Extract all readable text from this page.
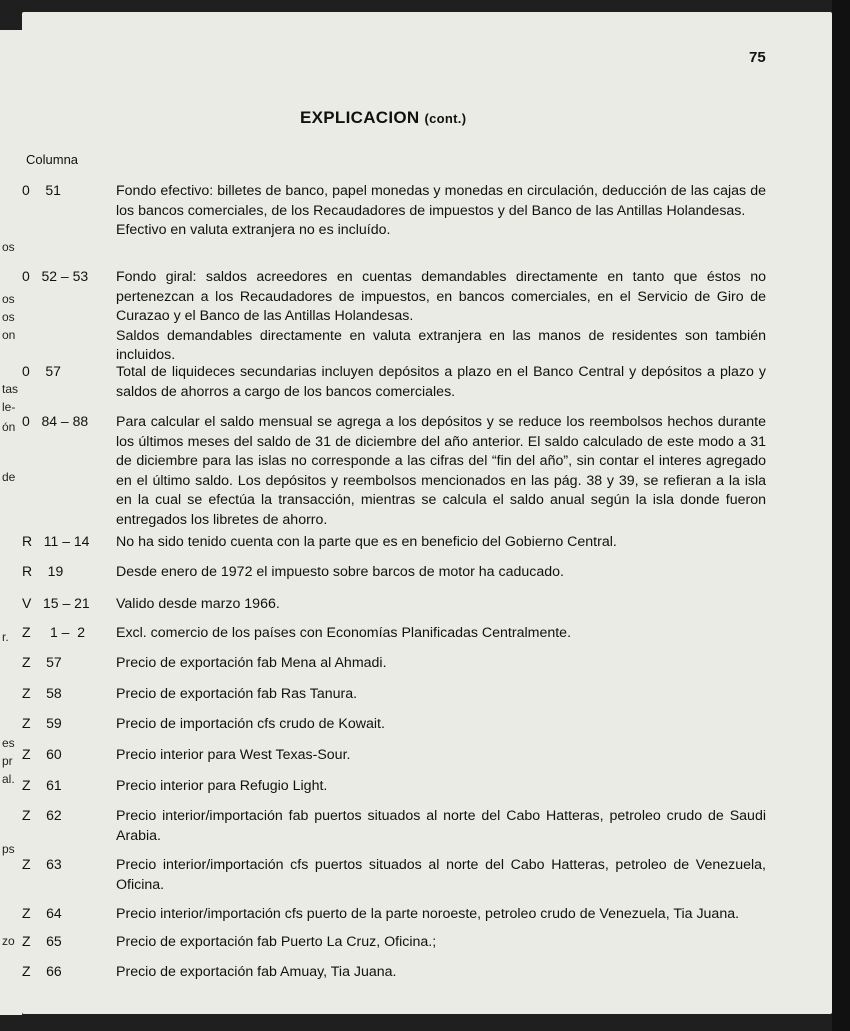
os
os
os
on
tas
le-
ón
de
r.
es
pr
al.
ps
zo
75
EXPLICACION (cont.)
Columna
0    51	Fondo efectivo: billetes de banco, papel monedas y monedas en circulación, deducción de las cajas de los bancos comerciales, de los Recaudadores de impuestos y del Banco de las Antillas Holandesas.

Efectivo en valuta extranjera no es incluído.

0   52 – 53 Fondo giral: saldos acreedores en cuentas demandables directamente en tanto que éstos no pertenezcan a los Recaudadores de impuestos, en bancos comerciales, en el Servicio de Giro de Curazao y el Banco de las Antillas Holandesas.

Saldos demandables directamente en valuta extranjera en las manos de residentes son también incluidos.

0    57	Total de liquideces secundarias incluyen depósitos a plazo en el Banco Central y depósitos a plazo y saldos de ahorros a cargo de los bancos comerciales.

0   84 – 88 Para calcular el saldo mensual se agrega a los depósitos y se reduce los reembolsos hechos durante los últimos meses del saldo de 31 de diciembre del año anterior. El saldo calculado de este modo a 31 de diciembre para las islas no corresponde a las cifras del “fin del año”, sin contar el interes agregado en el último saldo. Los depósitos y reembolsos mencionados en las pág. 38 y 39, se refieran a la isla en la cual se efectúa la transacción, mientras se calcula el saldo anual según la isla donde fueron entregados los libretes de ahorro.

R   11 – 14 No ha sido tenido cuenta con la parte que es en beneficio del Gobierno Central.

R    19	Desde enero de 1972 el impuesto sobre barcos de motor ha caducado.

V   15 – 21 Valido desde marzo 1966.

Z     1 –  2 Excl. comercio de los países con Economías Planificadas Centralmente.

Z    57	Precio de exportación fab Mena al Ahmadi.

Z    58	Precio de exportación fab Ras Tanura.

Z    59	Precio de importación cfs crudo de Kowait.

Z    60	Precio interior para West Texas-Sour.

Z    61	Precio interior para Refugio Light.

Z    62	Precio interior/importación fab puertos situados al norte del Cabo Hatteras, petroleo crudo de Saudi Arabia.

Z    63	Precio interior/importación cfs puertos situados al norte del Cabo Hatteras, petroleo de Venezuela, Oficina.

Z    64	Precio interior/importación cfs puerto de la parte noroeste, petroleo crudo de Venezuela, Tia Juana.

Z    65	Precio de exportación fab Puerto La Cruz, Oficina.;

Z    66	Precio de exportación fab Amuay, Tia Juana.
